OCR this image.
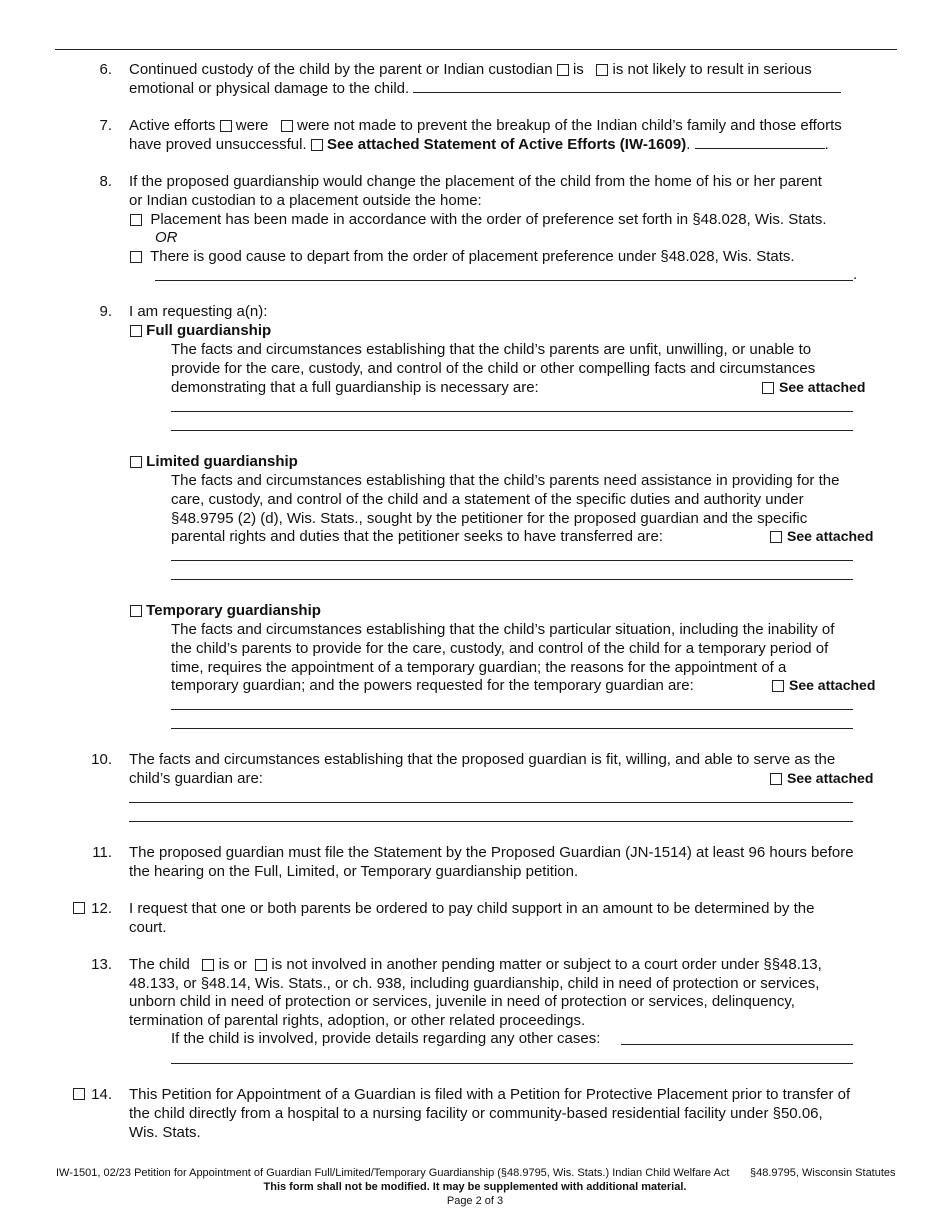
6. Continued custody of the child by the parent or Indian custodian is is not likely to result in serious
emotional or physical damage to the child.
7. Active efforts were were not made to prevent the breakup of the Indian child’s family and those efforts
have proved unsuccessful. See attached Statement of Active Efforts (IW-1609).	.
8. If the proposed guardianship would change the placement of the child from the home of his or her parent
or Indian custodian to a placement outside the home:
Placement has been made in accordance with the order of preference set forth in §48.028, Wis. Stats.
OR
There is good cause to depart from the order of placement preference under §48.028, Wis. Stats.
.
9. I am requesting a(n):
Full guardianship
The facts and circumstances establishing that the child’s parents are unfit, unwilling, or unable to
provide for the care, custody, and control of the child or other compelling facts and circumstances
demonstrating that a full guardianship is necessary are:	See attached
Limited guardianship
The facts and circumstances establishing that the child’s parents need assistance in providing for the
care, custody, and control of the child and a statement of the specific duties and authority under
§48.9795 (2) (d), Wis. Stats., sought by the petitioner for the proposed guardian and the specific
parental rights and duties that the petitioner seeks to have transferred are:	See attached
Temporary guardianship
The facts and circumstances establishing that the child’s particular situation, including the inability of
the child’s parents to provide for the care, custody, and control of the child for a temporary period of
time, requires the appointment of a temporary guardian; the reasons for the appointment of a
temporary guardian; and the powers requested for the temporary guardian are:	See attached
10. The facts and circumstances establishing that the proposed guardian is fit, willing, and able to serve as the
child’s guardian are:	See attached
11. The proposed guardian must file the Statement by the Proposed Guardian (JN-1514) at least 96 hours before
the hearing on the Full, Limited, or Temporary guardianship petition.
12. I request that one or both parents be ordered to pay child support in an amount to be determined by the
court.
13. The child is or is not involved in another pending matter or subject to a court order under §§48.13,
48.133, or §48.14, Wis. Stats., or ch. 938, including guardianship, child in need of protection or services,
unborn child in need of protection or services, juvenile in need of protection or services, delinquency,
termination of parental rights, adoption, or other related proceedings.
If the child is involved, provide details regarding any other cases:
14. This Petition for Appointment of a Guardian is filed with a Petition for Protective Placement prior to transfer of
the child directly from a hospital to a nursing facility or community-based residential facility under §50.06,
Wis. Stats.
IW-1501, 02/23 Petition for Appointment of Guardian Full/Limited/Temporary Guardianship (§48.9795, Wis. Stats.) Indian Child Welfare Act §48.9795, Wisconsin Statutes
This form shall not be modified. It may be supplemented with additional material.
Page 2 of 3
